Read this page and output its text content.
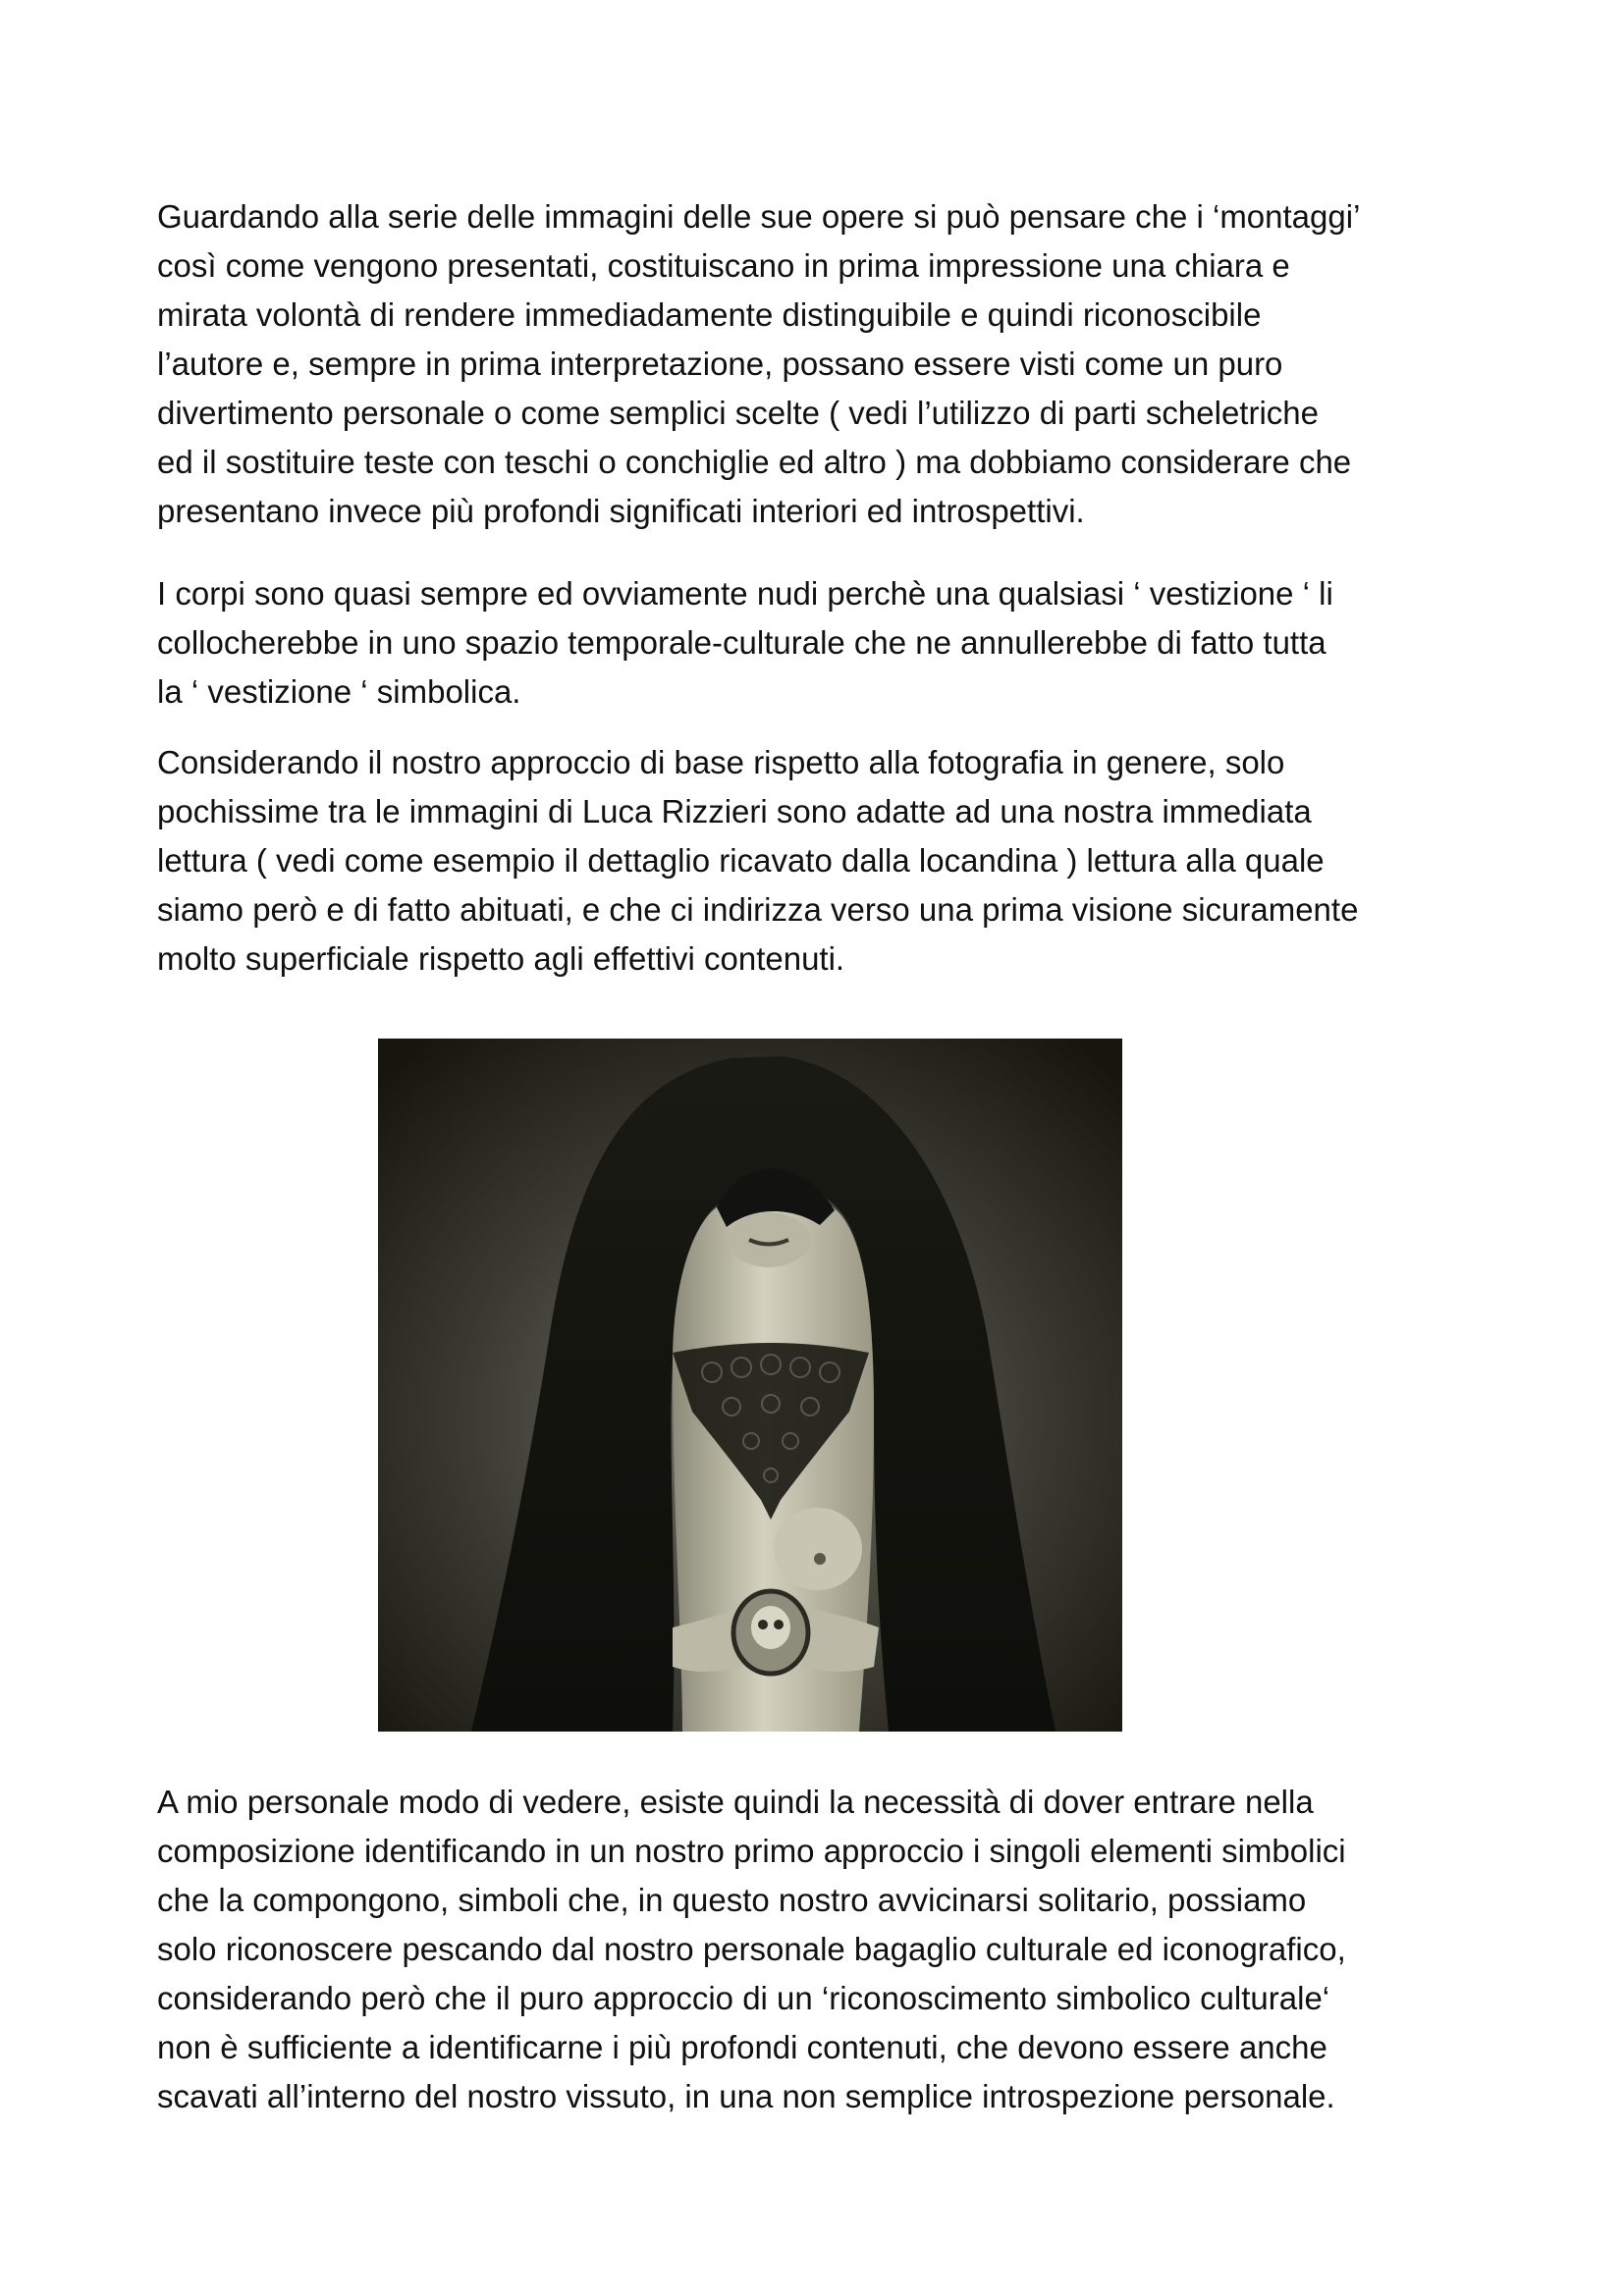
Guardando alla serie delle immagini delle sue opere si può pensare che i ‘montaggi’
così come vengono presentati, costituiscano in prima impressione una chiara e
mirata volontà di rendere immediadamente distinguibile e quindi riconoscibile
l’autore e, sempre in prima interpretazione, possano essere visti come un puro
divertimento personale o come semplici scelte ( vedi l’utilizzo di parti scheletriche
ed il sostituire teste con teschi o conchiglie ed altro ) ma dobbiamo considerare che
presentano invece più profondi significati interiori ed introspettivi.

I corpi sono quasi sempre ed ovviamente nudi perchè una qualsiasi ‘ vestizione ‘ li
collocherebbe in uno spazio temporale-culturale che ne annullerebbe di fatto tutta
la ‘ vestizione ‘ simbolica.

Considerando il nostro approccio di base rispetto alla fotografia in genere, solo
pochissime tra le immagini di Luca Rizzieri sono adatte ad una nostra immediata
lettura ( vedi come esempio il dettaglio ricavato dalla locandina ) lettura alla quale
siamo però e di fatto abituati, e che ci indirizza verso una prima visione sicuramente
molto superficiale rispetto agli effettivi contenuti.

A mio personale modo di vedere, esiste quindi la necessità di dover entrare nella
composizione identificando in un nostro primo approccio i singoli elementi simbolici
che la compongono, simboli che, in questo nostro avvicinarsi solitario, possiamo
solo riconoscere pescando dal nostro personale bagaglio culturale ed iconografico,
considerando però che il puro approccio di un ‘riconoscimento simbolico culturale‘
non è sufficiente a identificarne i più profondi contenuti, che devono essere anche
scavati all’interno del nostro vissuto, in una non semplice introspezione personale.
